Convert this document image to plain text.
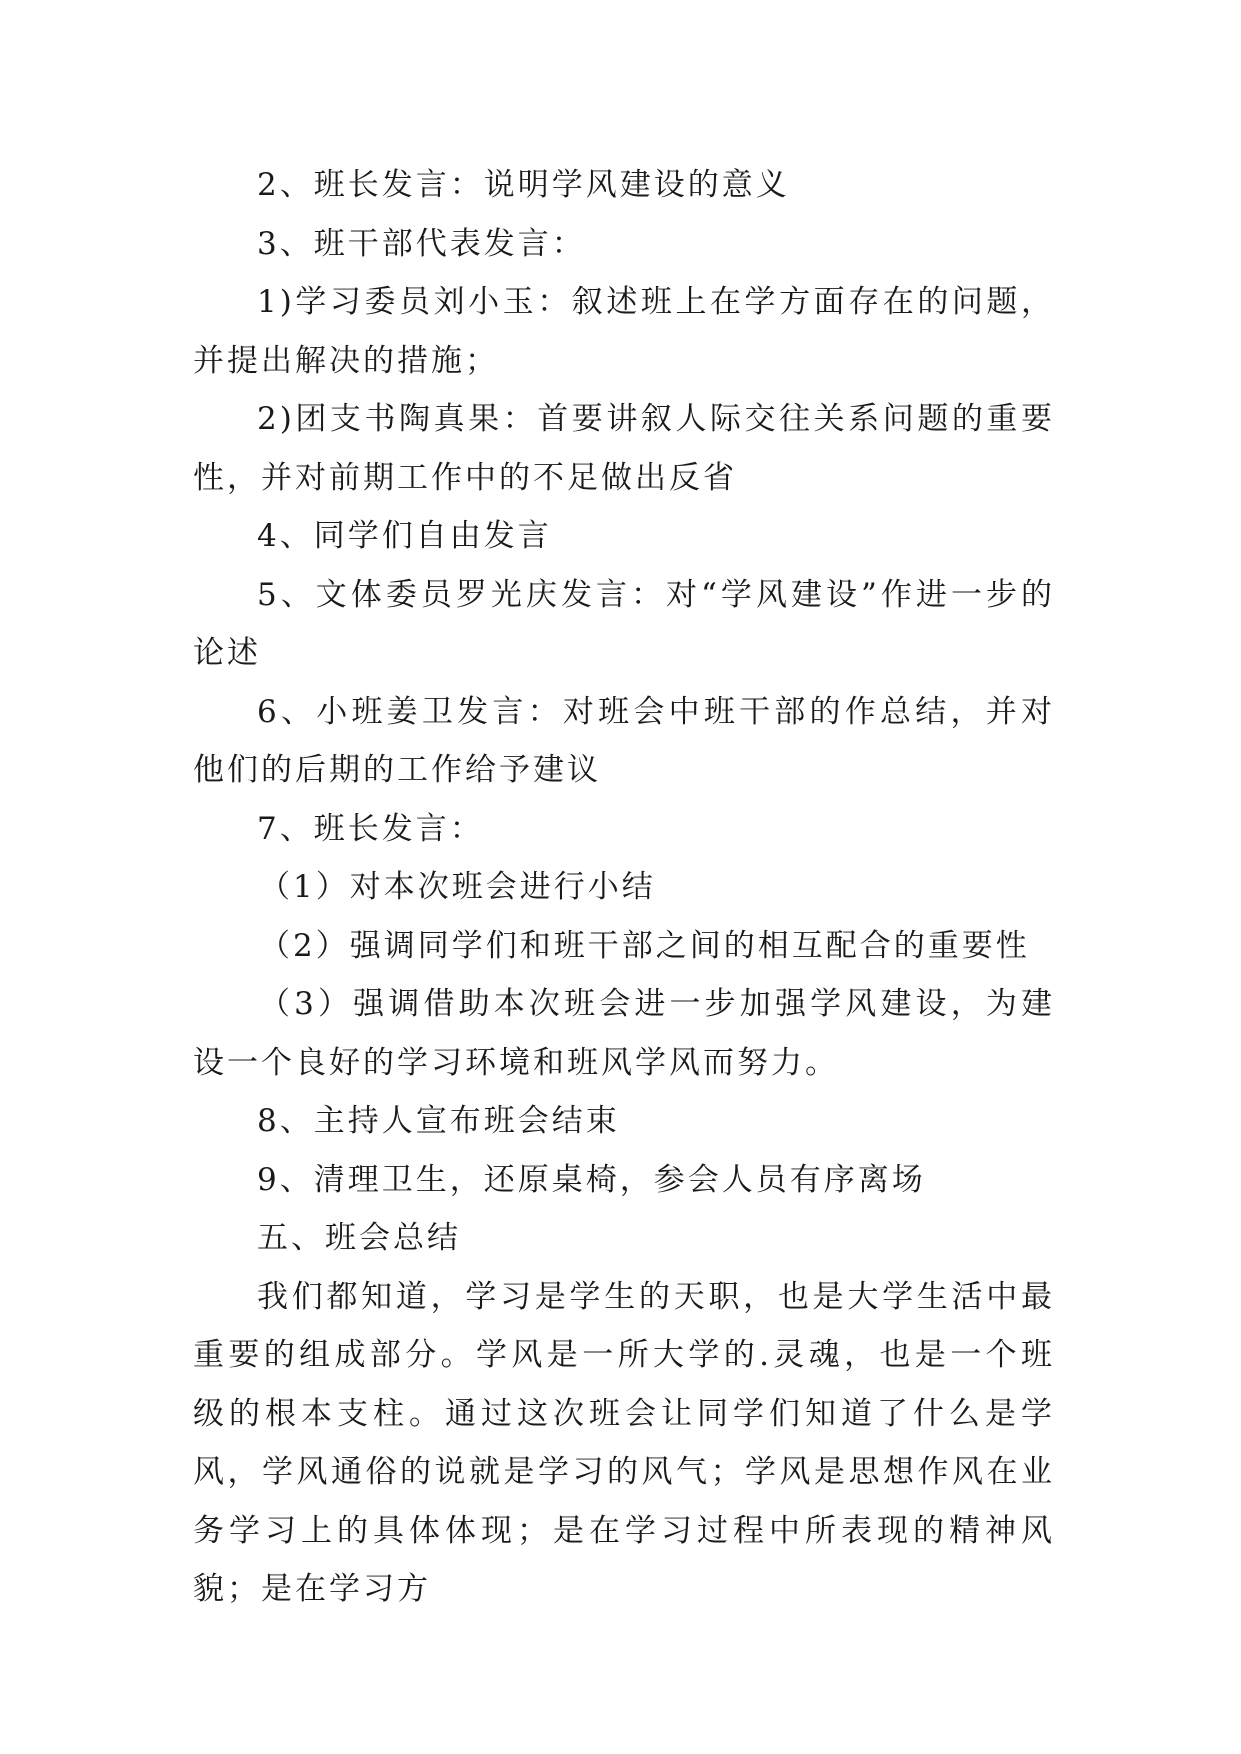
2、班长发言：说明学风建设的意义

3、班干部代表发言：

1)学习委员刘小玉：叙述班上在学方面存在的问题，并提出解决的措施；

2)团支书陶真果：首要讲叙人际交往关系问题的重要性，并对前期工作中的不足做出反省

4、同学们自由发言

5、文体委员罗光庆发言：对“学风建设”作进一步的论述

6、小班姜卫发言：对班会中班干部的作总结，并对他们的后期的工作给予建议

7、班长发言：

（1）对本次班会进行小结

（2）强调同学们和班干部之间的相互配合的重要性

（3）强调借助本次班会进一步加强学风建设，为建设一个良好的学习环境和班风学风而努力。

8、主持人宣布班会结束

9、清理卫生，还原桌椅，参会人员有序离场

五、班会总结

我们都知道，学习是学生的天职，也是大学生活中最重要的组成部分。学风是一所大学的.灵魂，也是一个班级的根本支柱。通过这次班会让同学们知道了什么是学风，学风通俗的说就是学习的风气；学风是思想作风在业务学习上的具体体现；是在学习过程中所表现的精神风貌；是在学习方
